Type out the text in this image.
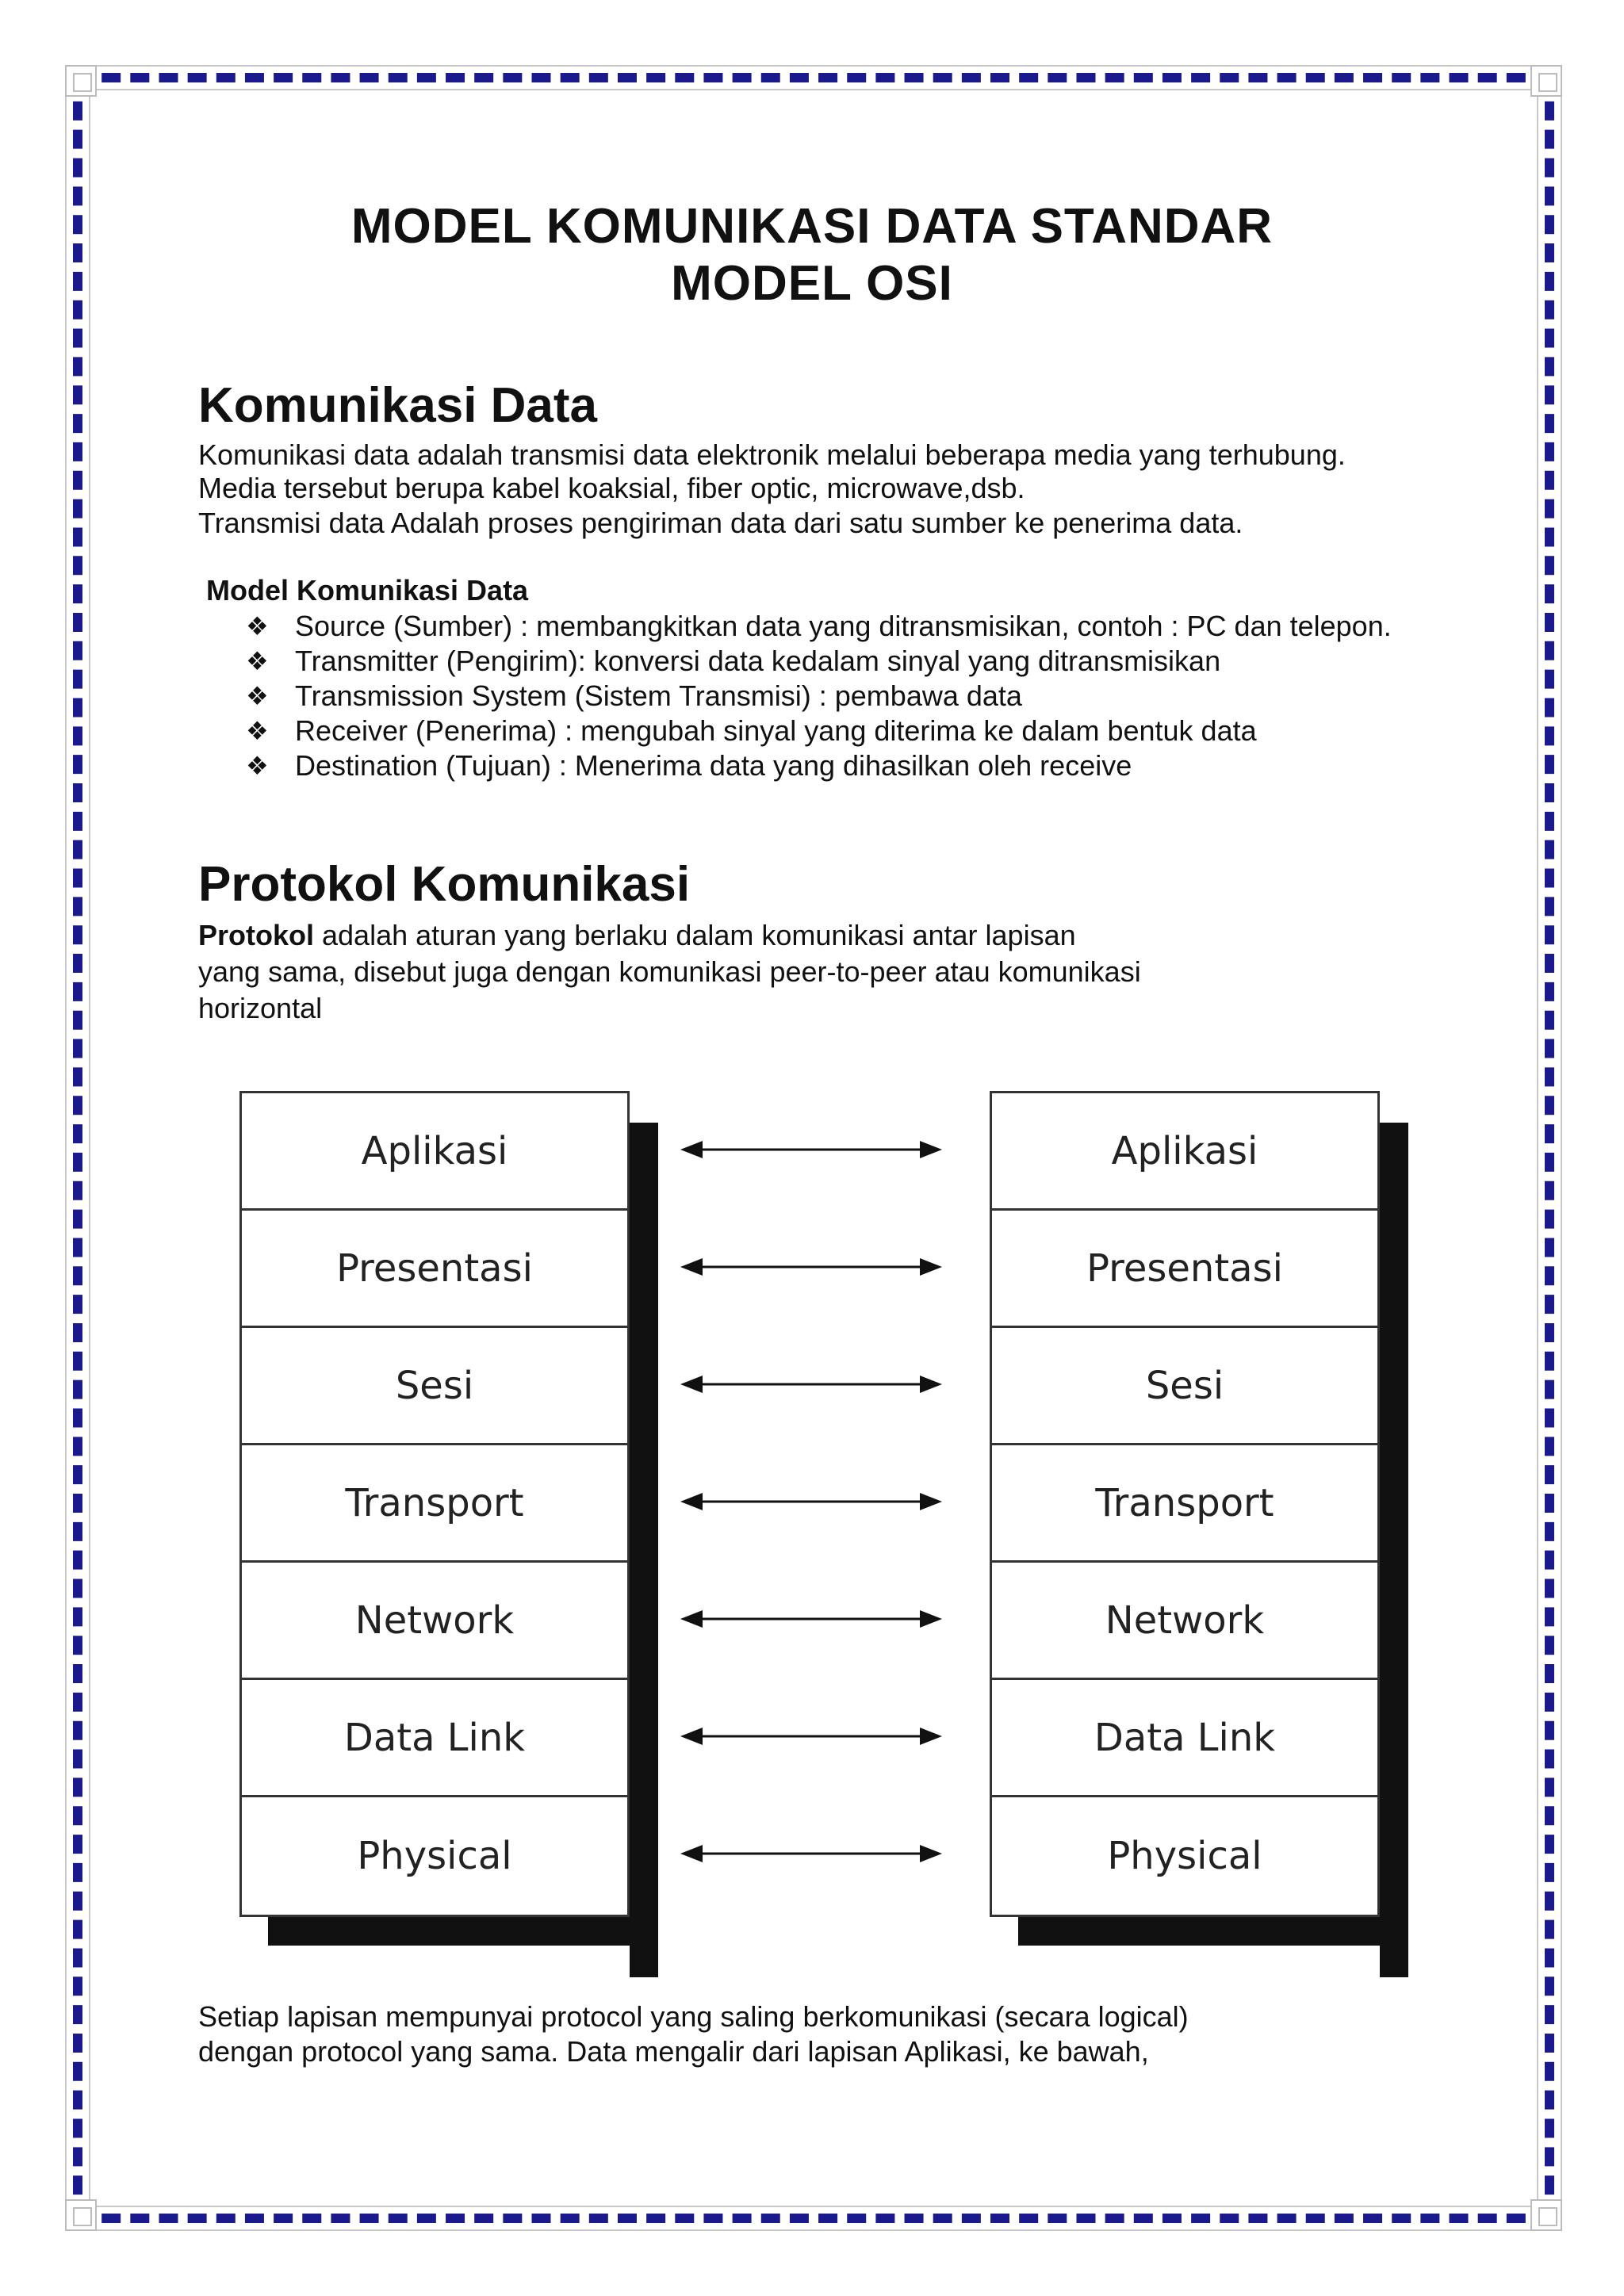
MODEL KOMUNIKASI DATA STANDAR
MODEL OSI
Komunikasi Data
Komunikasi data adalah transmisi data elektronik melalui beberapa media yang terhubung.
Media tersebut berupa kabel koaksial, fiber optic, microwave,dsb.
Transmisi data Adalah proses pengiriman data dari satu sumber ke penerima data.
Model Komunikasi Data
❖ Source (Sumber) : membangkitkan data yang ditransmisikan, contoh : PC dan telepon.
❖ Transmitter (Pengirim): konversi data kedalam sinyal yang ditransmisikan
❖ Transmission System (Sistem Transmisi) : pembawa data
❖ Receiver (Penerima) : mengubah sinyal yang diterima ke dalam bentuk data
❖ Destination (Tujuan) : Menerima data yang dihasilkan oleh receive
Protokol Komunikasi
Protokol adalah aturan yang berlaku dalam komunikasi antar lapisan
yang sama, disebut juga dengan komunikasi peer-to-peer atau komunikasi
horizontal
Aplikasi
Presentasi
Sesi
Transport
Network
Data Link
Physical
Aplikasi
Presentasi
Sesi
Transport
Network
Data Link
Physical
Setiap lapisan mempunyai protocol yang saling berkomunikasi (secara logical)
dengan protocol yang sama. Data mengalir dari lapisan Aplikasi, ke bawah,
